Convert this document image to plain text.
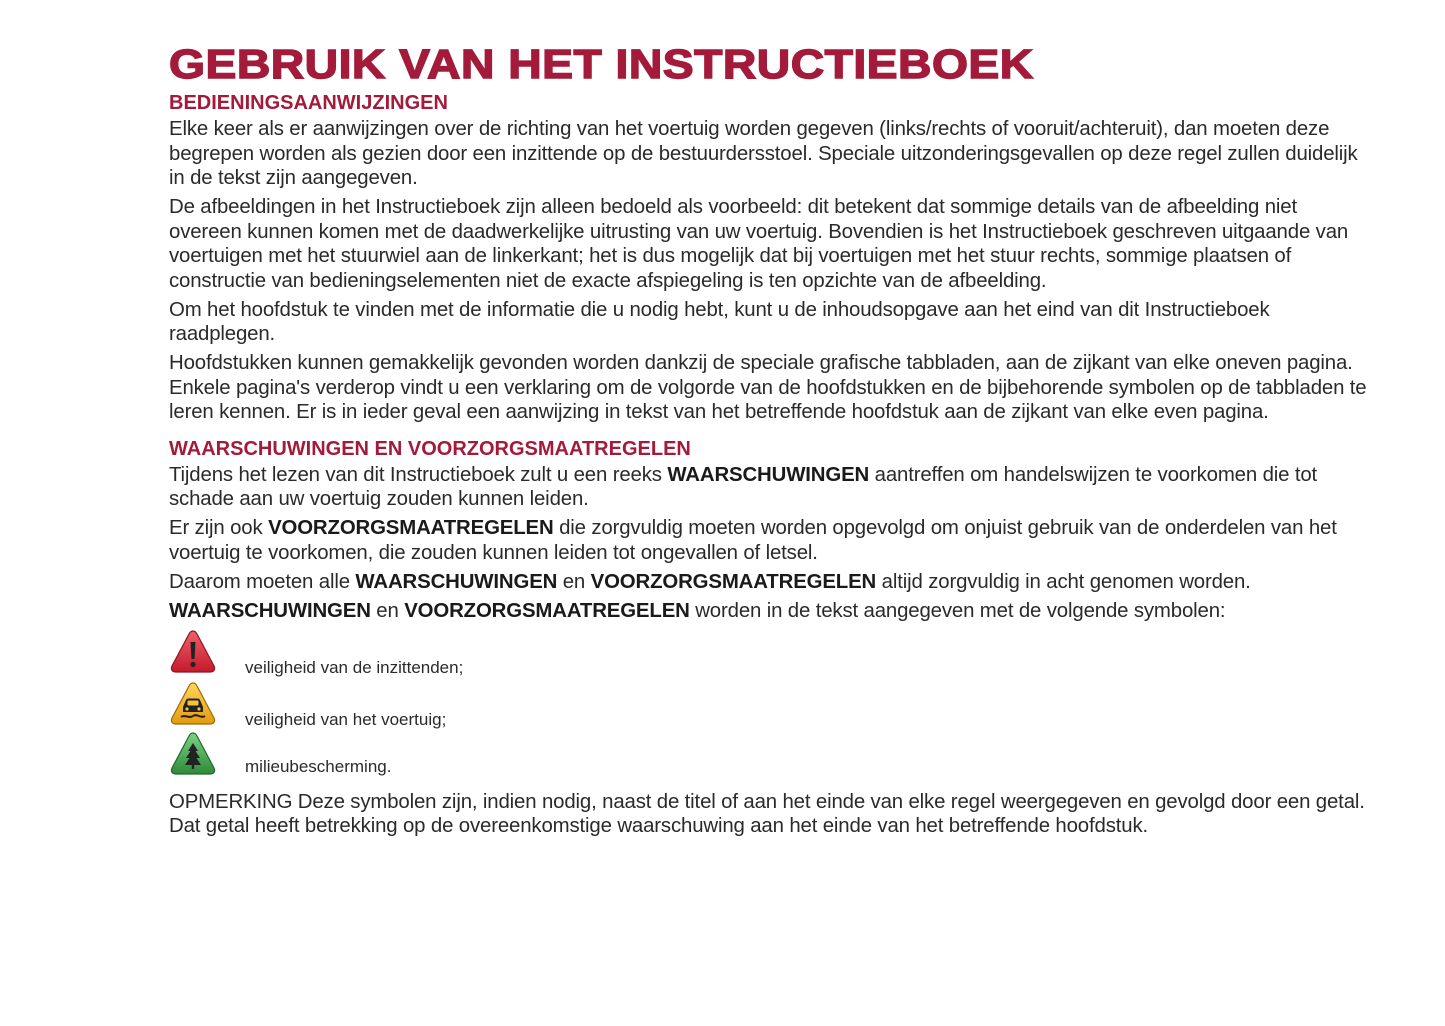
GEBRUIK VAN HET INSTRUCTIEBOEK
BEDIENINGSAANWIJZINGEN

Elke keer als er aanwijzingen over de richting van het voertuig worden gegeven (links/rechts of vooruit/achteruit), dan moeten deze begrepen worden als gezien door een inzittende op de bestuurdersstoel. Speciale uitzonderingsgevallen op deze regel zullen duidelijk in de tekst zijn aangegeven.

De afbeeldingen in het Instructieboek zijn alleen bedoeld als voorbeeld: dit betekent dat sommige details van de afbeelding niet overeen kunnen komen met de daadwerkelijke uitrusting van uw voertuig. Bovendien is het Instructieboek geschreven uitgaande van voertuigen met het stuurwiel aan de linkerkant; het is dus mogelijk dat bij voertuigen met het stuur rechts, sommige plaatsen of constructie van bedieningselementen niet de exacte afspiegeling is ten opzichte van de afbeelding.

Om het hoofdstuk te vinden met de informatie die u nodig hebt, kunt u de inhoudsopgave aan het eind van dit Instructieboek raadplegen.

Hoofdstukken kunnen gemakkelijk gevonden worden dankzij de speciale grafische tabbladen, aan de zijkant van elke oneven pagina. Enkele pagina's verderop vindt u een verklaring om de volgorde van de hoofdstukken en de bijbehorende symbolen op de tabbladen te leren kennen. Er is in ieder geval een aanwijzing in tekst van het betreffende hoofdstuk aan de zijkant van elke even pagina.

WAARSCHUWINGEN EN VOORZORGSMAATREGELEN

Tijdens het lezen van dit Instructieboek zult u een reeks WAARSCHUWINGEN aantreffen om handelswijzen te voorkomen die tot schade aan uw voertuig zouden kunnen leiden.

Er zijn ook VOORZORGSMAATREGELEN die zorgvuldig moeten worden opgevolgd om onjuist gebruik van de onderdelen van het voertuig te voorkomen, die zouden kunnen leiden tot ongevallen of letsel.

Daarom moeten alle WAARSCHUWINGEN en VOORZORGSMAATREGELEN altijd zorgvuldig in acht genomen worden.

WAARSCHUWINGEN en VOORZORGSMAATREGELEN worden in de tekst aangegeven met de volgende symbolen:

veiligheid van de inzittenden;
veiligheid van het voertuig;
milieubescherming.

OPMERKING Deze symbolen zijn, indien nodig, naast de titel of aan het einde van elke regel weergegeven en gevolgd door een getal. Dat getal heeft betrekking op de overeenkomstige waarschuwing aan het einde van het betreffende hoofdstuk.
